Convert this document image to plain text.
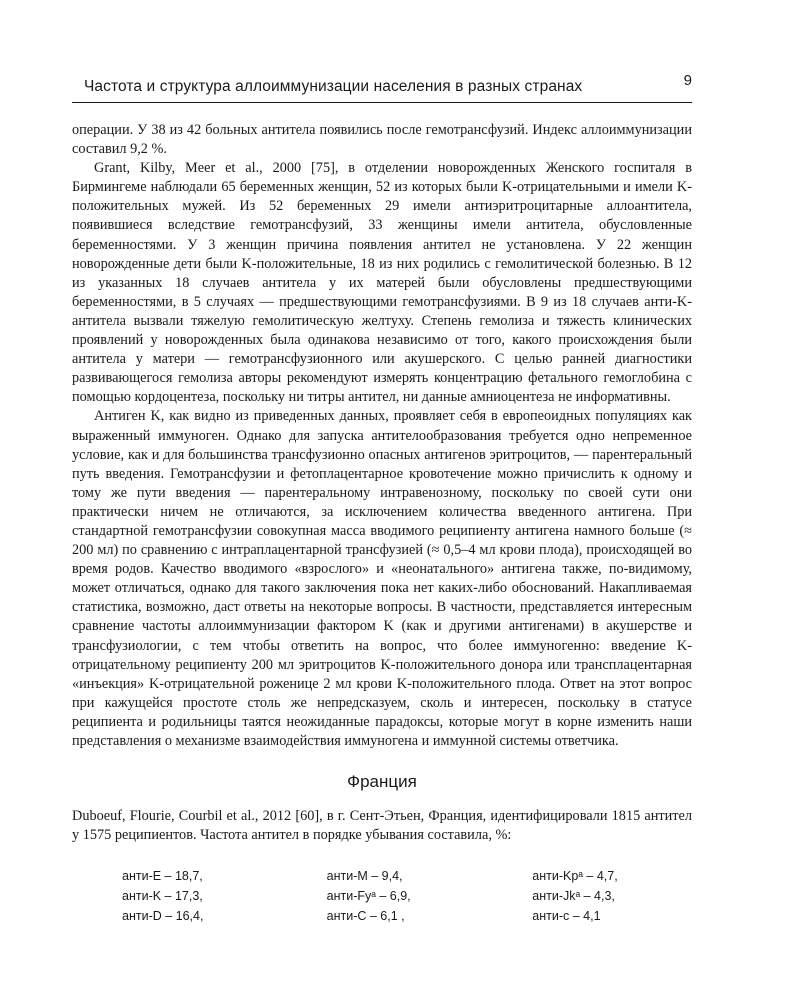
Частота и структура аллоиммунизации населения в разных странах	9

операции. У 38 из 42 больных антитела появились после гемотрансфузий. Индекс аллоиммунизации составил 9,2 %.

Grant, Kilby, Meer et al., 2000 [75], в отделении новорожденных Женского госпиталя в Бирмингеме наблюдали 65 беременных женщин, 52 из которых были K-отрицательными и имели K-положительных мужей. Из 52 беременных 29 имели антиэритроцитарные аллоантитела, появившиеся вследствие гемотрансфузий, 33 женщины имели антитела, обусловленные беременностями. У 3 женщин причина появления антител не установлена. У 22 женщин новорожденные дети были K-положительные, 18 из них родились с гемолитической болезнью. В 12 из указанных 18 случаев антитела у их матерей были обусловлены предшествующими беременностями, в 5 случаях — предшествующими гемотрансфузиями. В 9 из 18 случаев анти-K-антитела вызвали тяжелую гемолитическую желтуху. Степень гемолиза и тяжесть клинических проявлений у новорожденных была одинакова независимо от того, какого происхождения были антитела у матери — гемотрансфузионного или акушерского. С целью ранней диагностики развивающегося гемолиза авторы рекомендуют измерять концентрацию фетального гемоглобина с помощью кордоцентеза, поскольку ни титры антител, ни данные амниоцентеза не информативны.

Антиген K, как видно из приведенных данных, проявляет себя в европеоидных популяциях как выраженный иммуноген. Однако для запуска антителообразования требуется одно непременное условие, как и для большинства трансфузионно опасных антигенов эритроцитов, — парентеральный путь введения. Гемотрансфузии и фетоплацентарное кровотечение можно причислить к одному и тому же пути введения — парентеральному интравенозному, поскольку по своей сути они практически ничем не отличаются, за исключением количества введенного антигена. При стандартной гемотрансфузии совокупная масса вводимого реципиенту антигена намного больше (≈ 200 мл) по сравнению с интраплацентарной трансфузией (≈ 0,5–4 мл крови плода), происходящей во время родов. Качество вводимого «взрослого» и «неонатального» антигена также, по-видимому, может отличаться, однако для такого заключения пока нет каких-либо обоснований. Накапливаемая статистика, возможно, даст ответы на некоторые вопросы. В частности, представляется интересным сравнение частоты аллоиммунизации фактором K (как и другими антигенами) в акушерстве и трансфузиологии, с тем чтобы ответить на вопрос, что более иммуногенно: введение K-отрицательному реципиенту 200 мл эритроцитов K-положительного донора или трансплацентарная «инъекция» K-отрицательной роженице 2 мл крови K-положительного плода. Ответ на этот вопрос при кажущейся простоте столь же непредсказуем, сколь и интересен, поскольку в статусе реципиента и родильницы таятся неожиданные парадоксы, которые могут в корне изменить наши представления о механизме взаимодействия иммуногена и иммунной системы ответчика.

Франция

Duboeuf, Flourie, Courbil et al., 2012 [60], в г. Сент-Этьен, Франция, идентифицировали 1815 антител у 1575 реципиентов. Частота антител в порядке убывания составила, %:

анти-E – 18,7,	анти-M – 9,4,	анти-Kpᵃ – 4,7,
анти-K – 17,3,	анти-Fyᵃ – 6,9,	анти-Jkᵃ – 4,3,
анти-D – 16,4,	анти-C – 6,1 ,	анти-c – 4,1
